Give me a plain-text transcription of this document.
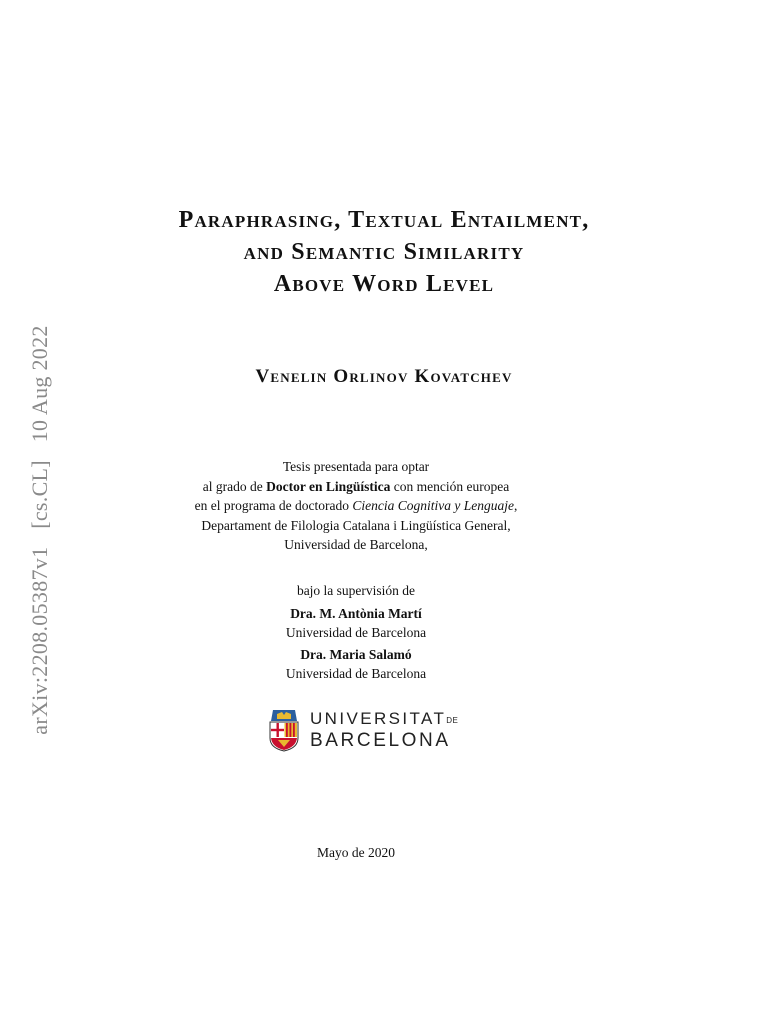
arXiv:2208.05387v1 [cs.CL] 10 Aug 2022
Paraphrasing, Textual Entailment,
and Semantic Similarity
Above Word Level
Venelin Orlinov Kovatchev
Tesis presentada para optar
al grado de Doctor en Lingüística con mención europea
en el programa de doctorado Ciencia Cognitiva y Lenguaje,
Departament de Filologia Catalana i Lingüística General,
Universidad de Barcelona,
bajo la supervisión de
Dra. M. Antònia Martí
Universidad de Barcelona
Dra. Maria Salamó
Universidad de Barcelona
UNIVERSITATDE
BARCELONA
Mayo de 2020
